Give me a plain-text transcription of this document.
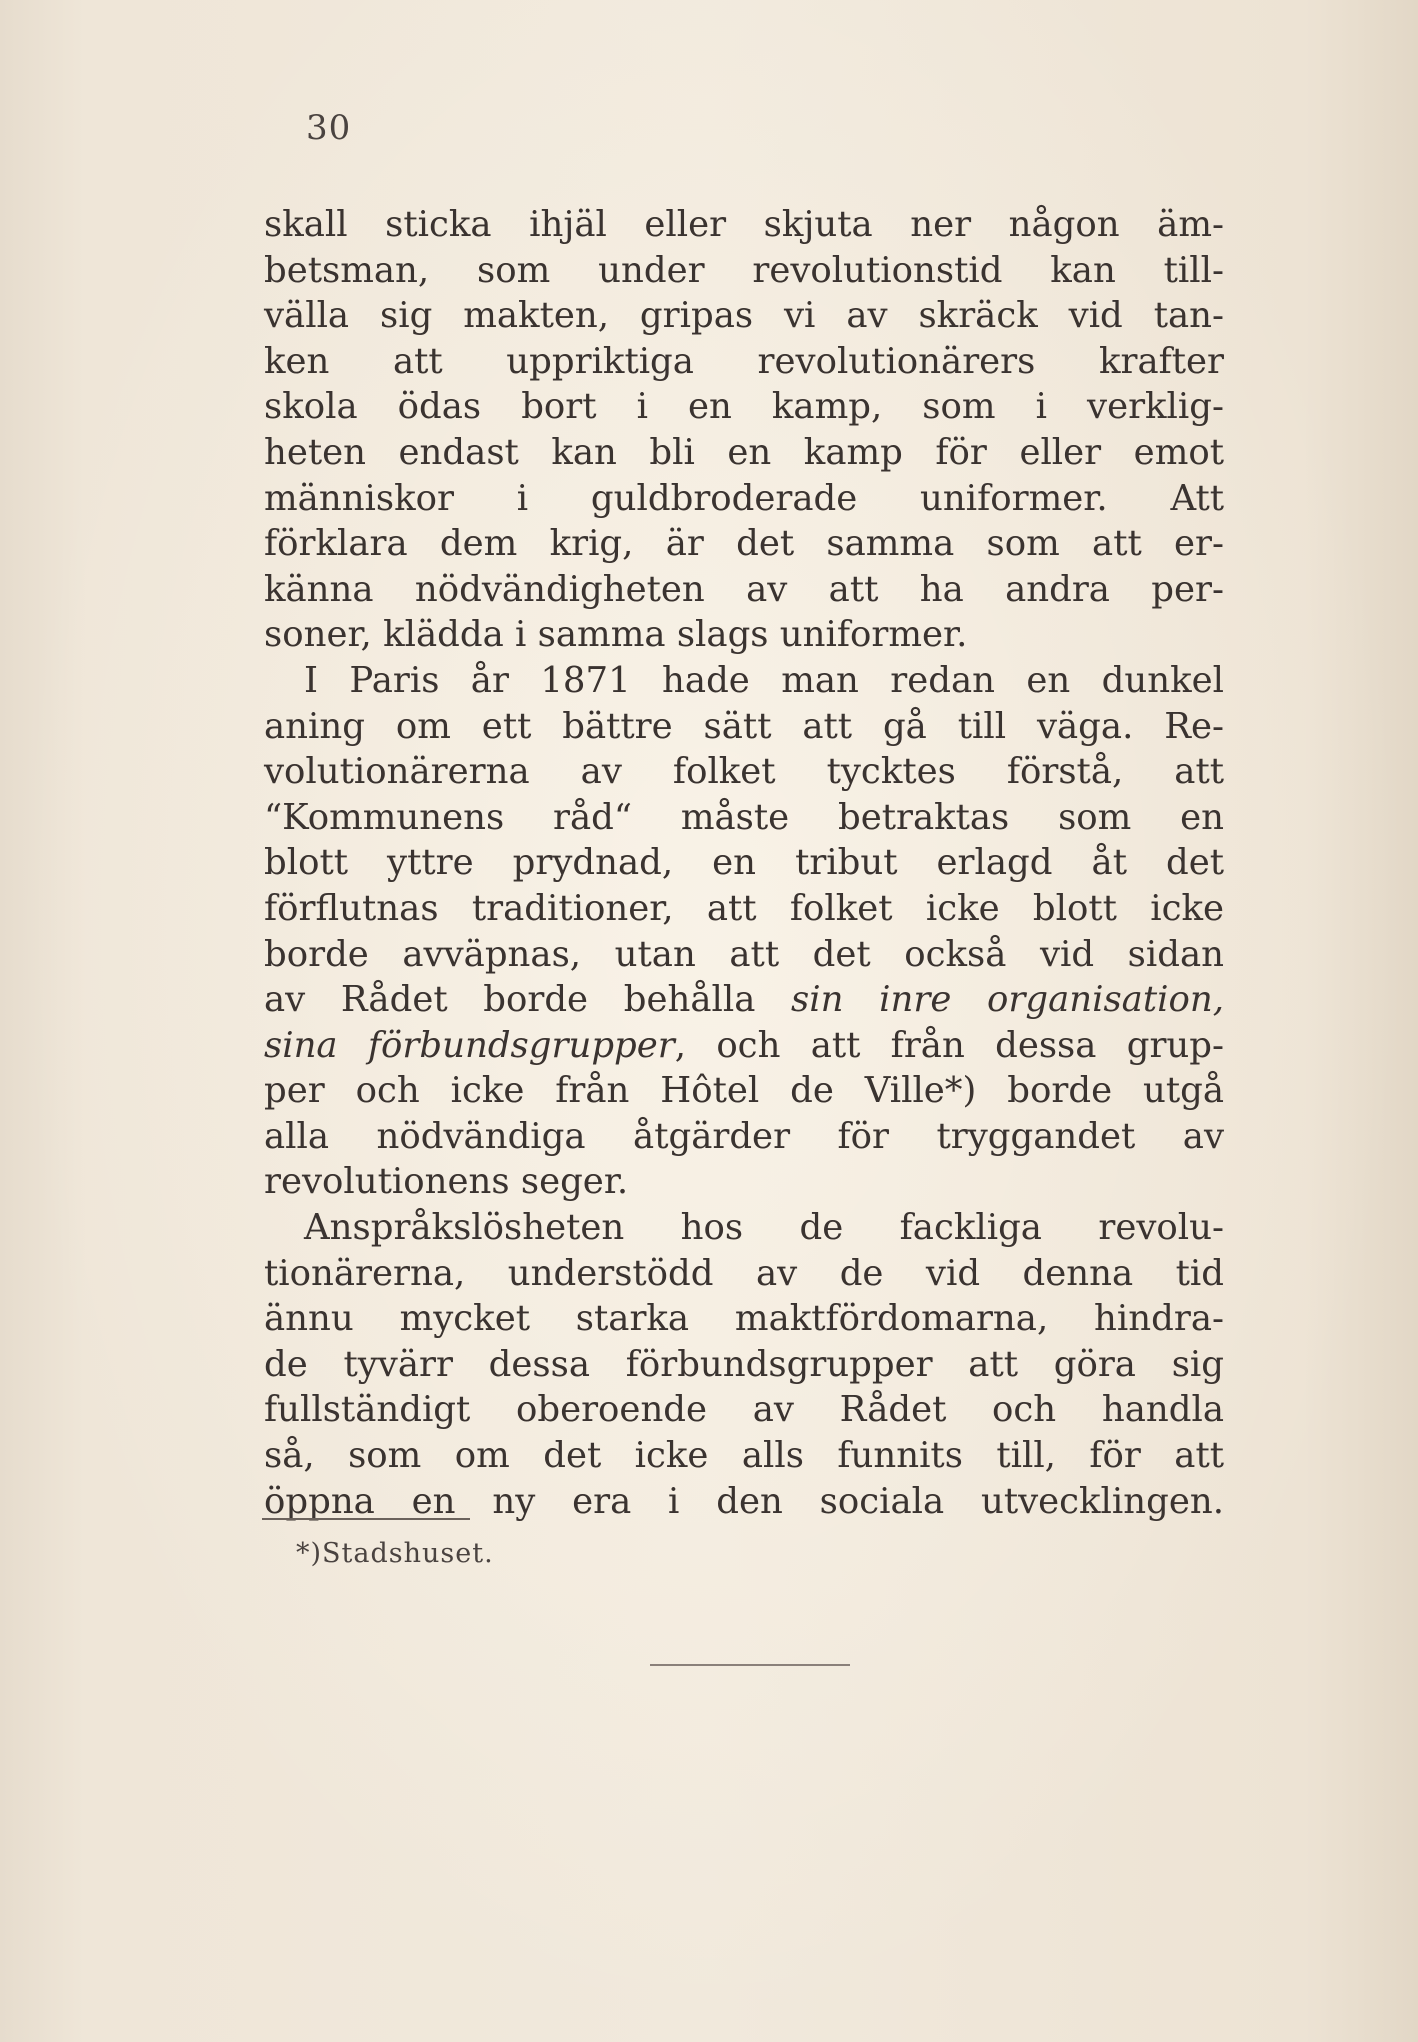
30
skall sticka ihjäl eller skjuta ner någon äm-
betsman, som under revolutionstid kan till-
välla sig makten, gripas vi av skräck vid tan-
ken att uppriktiga revolutionärers krafter
skola ödas bort i en kamp, som i verklig-
heten endast kan bli en kamp för eller emot
människor i guldbroderade uniformer. Att
förklara dem krig, är det samma som att er-
känna nödvändigheten av att ha andra per-
soner, klädda i samma slags uniformer.
I Paris år 1871 hade man redan en dunkel
aning om ett bättre sätt att gå till väga. Re-
volutionärerna av folket tycktes förstå, att
“Kommunens råd“ måste betraktas som en
blott yttre prydnad, en tribut erlagd åt det
förflutnas traditioner, att folket icke blott icke
borde avväpnas, utan att det också vid sidan
av Rådet borde behålla sin inre organisation,
sina förbundsgrupper, och att från dessa grup-
per och icke från Hôtel de Ville*) borde utgå
alla nödvändiga åtgärder för tryggandet av
revolutionens seger.
Anspråkslösheten hos de fackliga revolu-
tionärerna, understödd av de vid denna tid
ännu mycket starka maktfördomarna, hindra-
de tyvärr dessa förbundsgrupper att göra sig
fullständigt oberoende av Rådet och handla
så, som om det icke alls funnits till, för att
öppna en ny era i den sociala utvecklingen.
*)Stadshuset.
